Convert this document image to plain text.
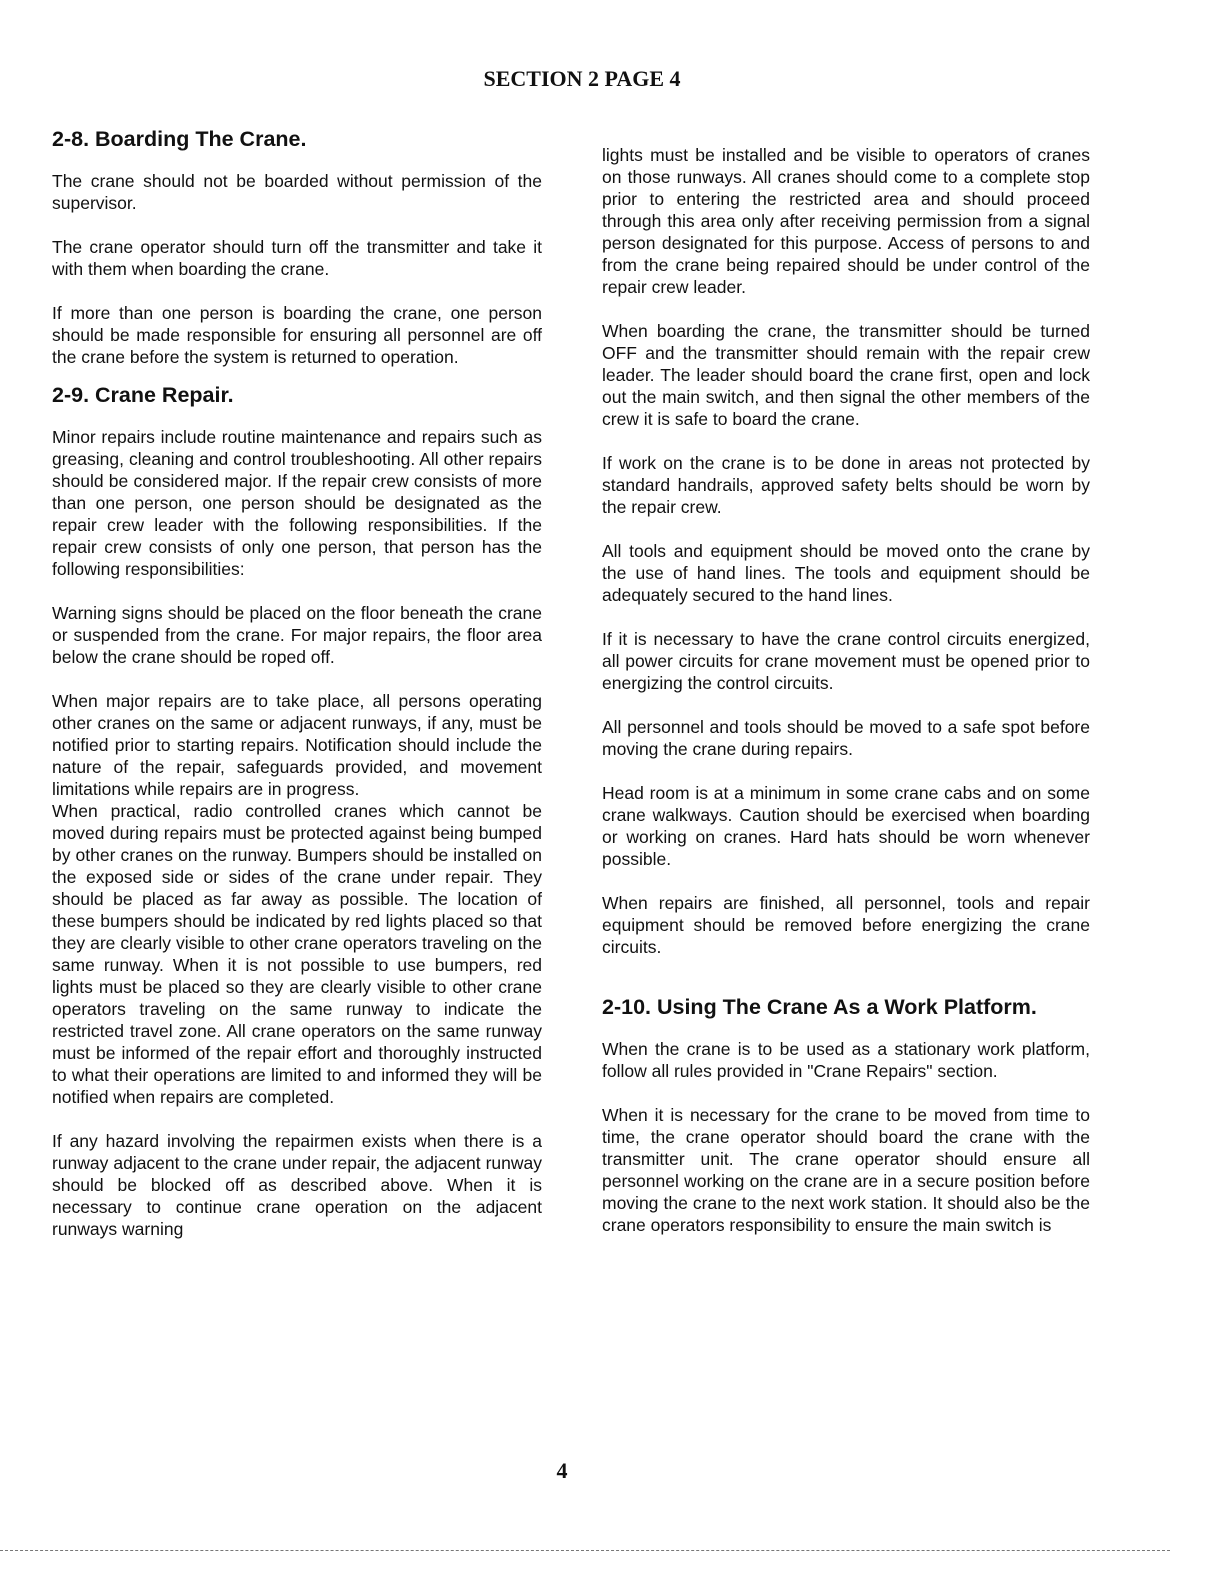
SECTION 2 PAGE 4
2-8. Boarding The Crane.

The crane should not be boarded without permission of the supervisor.

The crane operator should turn off the transmitter and take it with them when boarding the crane.

If more than one person is boarding the crane, one person should be made responsible for ensuring all personnel are off the crane before the system is returned to operation.

2-9. Crane Repair.

Minor repairs include routine maintenance and repairs such as greasing, cleaning and control troubleshooting. All other repairs should be considered major. If the repair crew consists of more than one person, one person should be designated as the repair crew leader with the following responsibilities. If the repair crew consists of only one person, that person has the following responsibilities:

Warning signs should be placed on the floor beneath the crane or suspended from the crane. For major repairs, the floor area below the crane should be roped off.

When major repairs are to take place, all persons operating other cranes on the same or adjacent runways, if any, must be notified prior to starting repairs. Notification should include the nature of the repair, safeguards provided, and movement limitations while repairs are in progress.

When practical, radio controlled cranes which cannot be moved during repairs must be protected against being bumped by other cranes on the runway. Bumpers should be installed on the exposed side or sides of the crane under repair. They should be placed as far away as possible. The location of these bumpers should be indicated by red lights placed so that they are clearly visible to other crane operators traveling on the same runway. When it is not possible to use bumpers, red lights must be placed so they are clearly visible to other crane operators traveling on the same runway to indicate the restricted travel zone. All crane operators on the same runway must be informed of the repair effort and thoroughly instructed to what their operations are limited to and informed they will be notified when repairs are completed.

If any hazard involving the repairmen exists when there is a runway adjacent to the crane under repair, the adjacent runway should be blocked off as described above. When it is necessary to continue crane operation on the adjacent runways warning

lights must be installed and be visible to operators of cranes on those runways. All cranes should come to a complete stop prior to entering the restricted area and should proceed through this area only after receiving permission from a signal person designated for this purpose. Access of persons to and from the crane being repaired should be under control of the repair crew leader.

When boarding the crane, the transmitter should be turned OFF and the transmitter should remain with the repair crew leader. The leader should board the crane first, open and lock out the main switch, and then signal the other members of the crew it is safe to board the crane.

If work on the crane is to be done in areas not protected by standard handrails, approved safety belts should be worn by the repair crew.

All tools and equipment should be moved onto the crane by the use of hand lines. The tools and equipment should be adequately secured to the hand lines.

If it is necessary to have the crane control circuits energized, all power circuits for crane movement must be opened prior to energizing the control circuits.

All personnel and tools should be moved to a safe spot before moving the crane during repairs.

Head room is at a minimum in some crane cabs and on some crane walkways. Caution should be exercised when boarding or working on cranes. Hard hats should be worn whenever possible.

When repairs are finished, all personnel, tools and repair equipment should be removed before energizing the crane circuits.

2-10. Using The Crane As a Work Platform.

When the crane is to be used as a stationary work platform, follow all rules provided in "Crane Repairs" section.

When it is necessary for the crane to be moved from time to time, the crane operator should board the crane with the transmitter unit. The crane operator should ensure all personnel working on the crane are in a secure position before moving the crane to the next work station. It should also be the crane operators responsibility to ensure the main switch is

4
